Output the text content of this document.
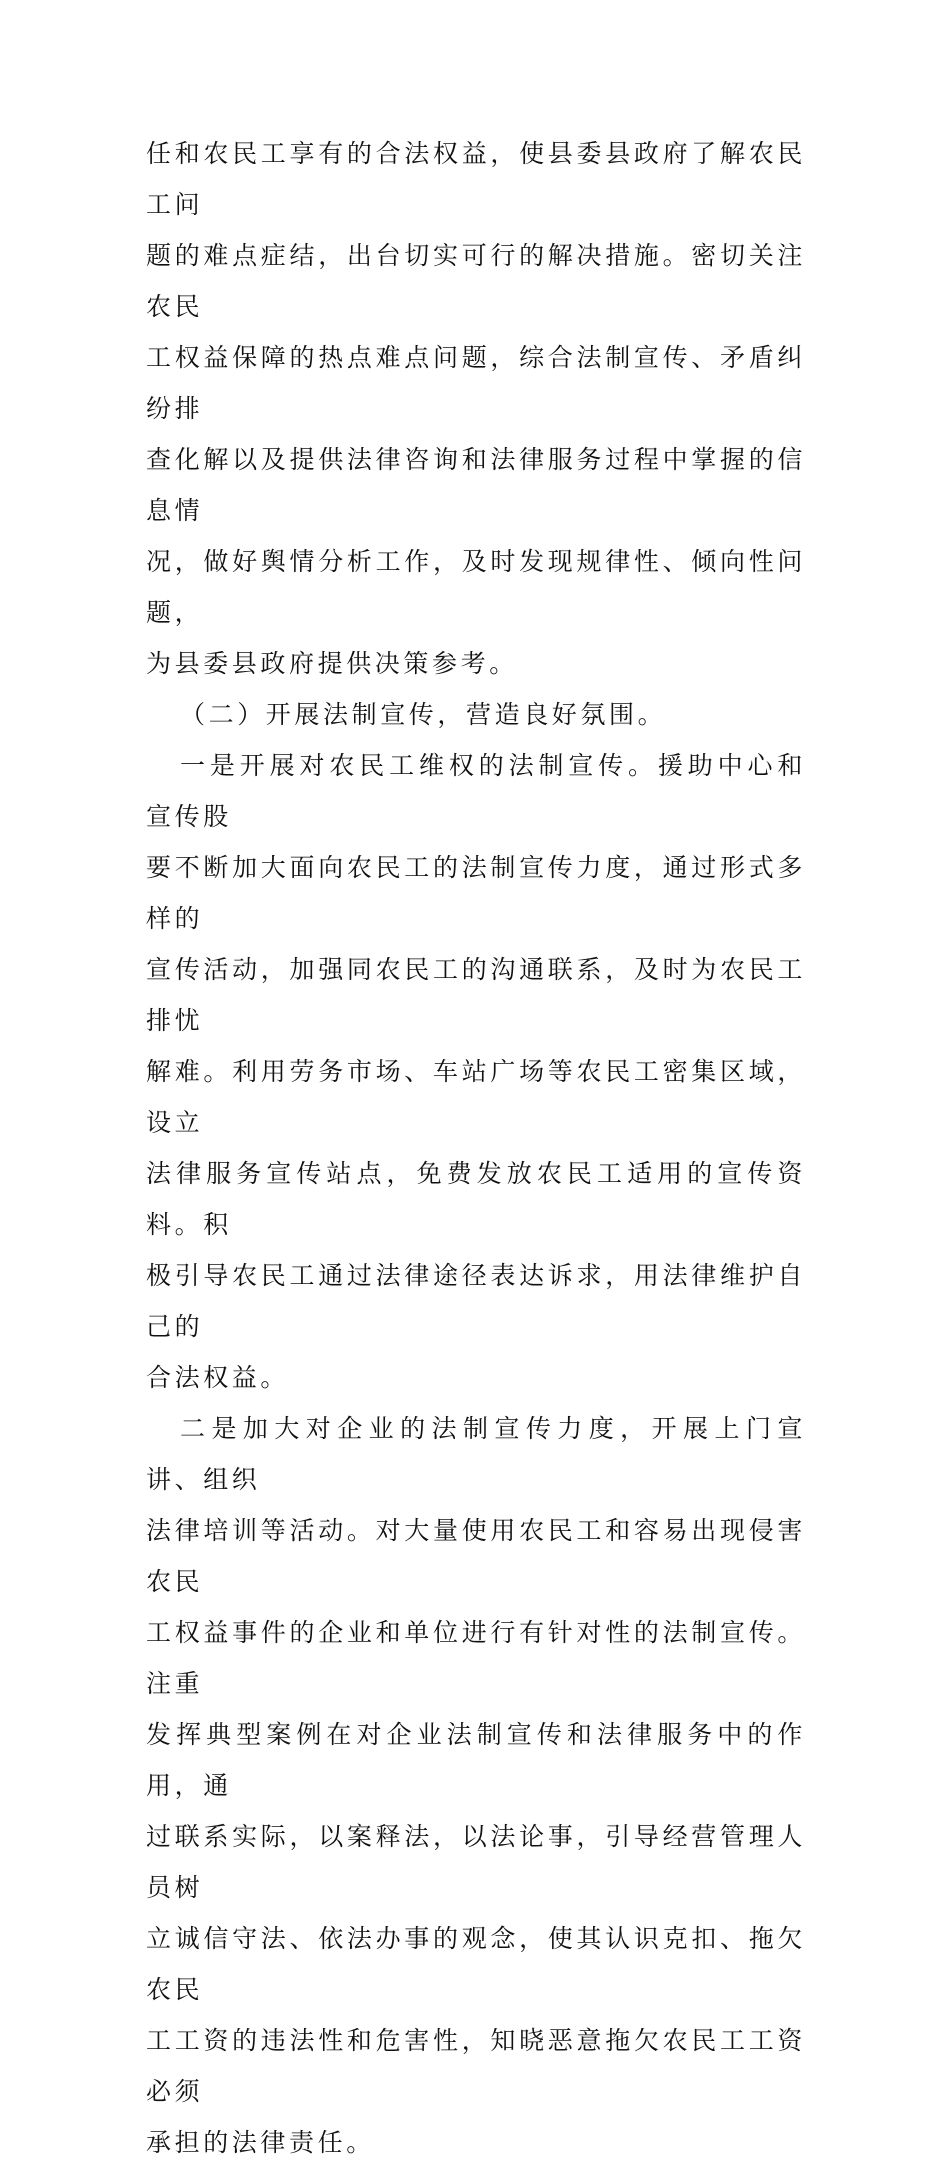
任和农民工享有的合法权益，使县委县政府了解农民工问
题的难点症结，出台切实可行的解决措施。密切关注农民
工权益保障的热点难点问题，综合法制宣传、矛盾纠纷排
查化解以及提供法律咨询和法律服务过程中掌握的信息情
况，做好舆情分析工作，及时发现规律性、倾向性问题，
为县委县政府提供决策参考。
（二）开展法制宣传，营造良好氛围。
一是开展对农民工维权的法制宣传。援助中心和宣传股
要不断加大面向农民工的法制宣传力度，通过形式多样的
宣传活动，加强同农民工的沟通联系，及时为农民工排忧
解难。利用劳务市场、车站广场等农民工密集区域，设立
法律服务宣传站点，免费发放农民工适用的宣传资料。积
极引导农民工通过法律途径表达诉求，用法律维护自己的
合法权益。
二是加大对企业的法制宣传力度，开展上门宣讲、组织
法律培训等活动。对大量使用农民工和容易出现侵害农民
工权益事件的企业和单位进行有针对性的法制宣传。注重
发挥典型案例在对企业法制宣传和法律服务中的作用，通
过联系实际，以案释法，以法论事，引导经营管理人员树
立诚信守法、依法办事的观念，使其认识克扣、拖欠农民
工工资的违法性和危害性，知晓恶意拖欠农民工工资必须
承担的法律责任。
